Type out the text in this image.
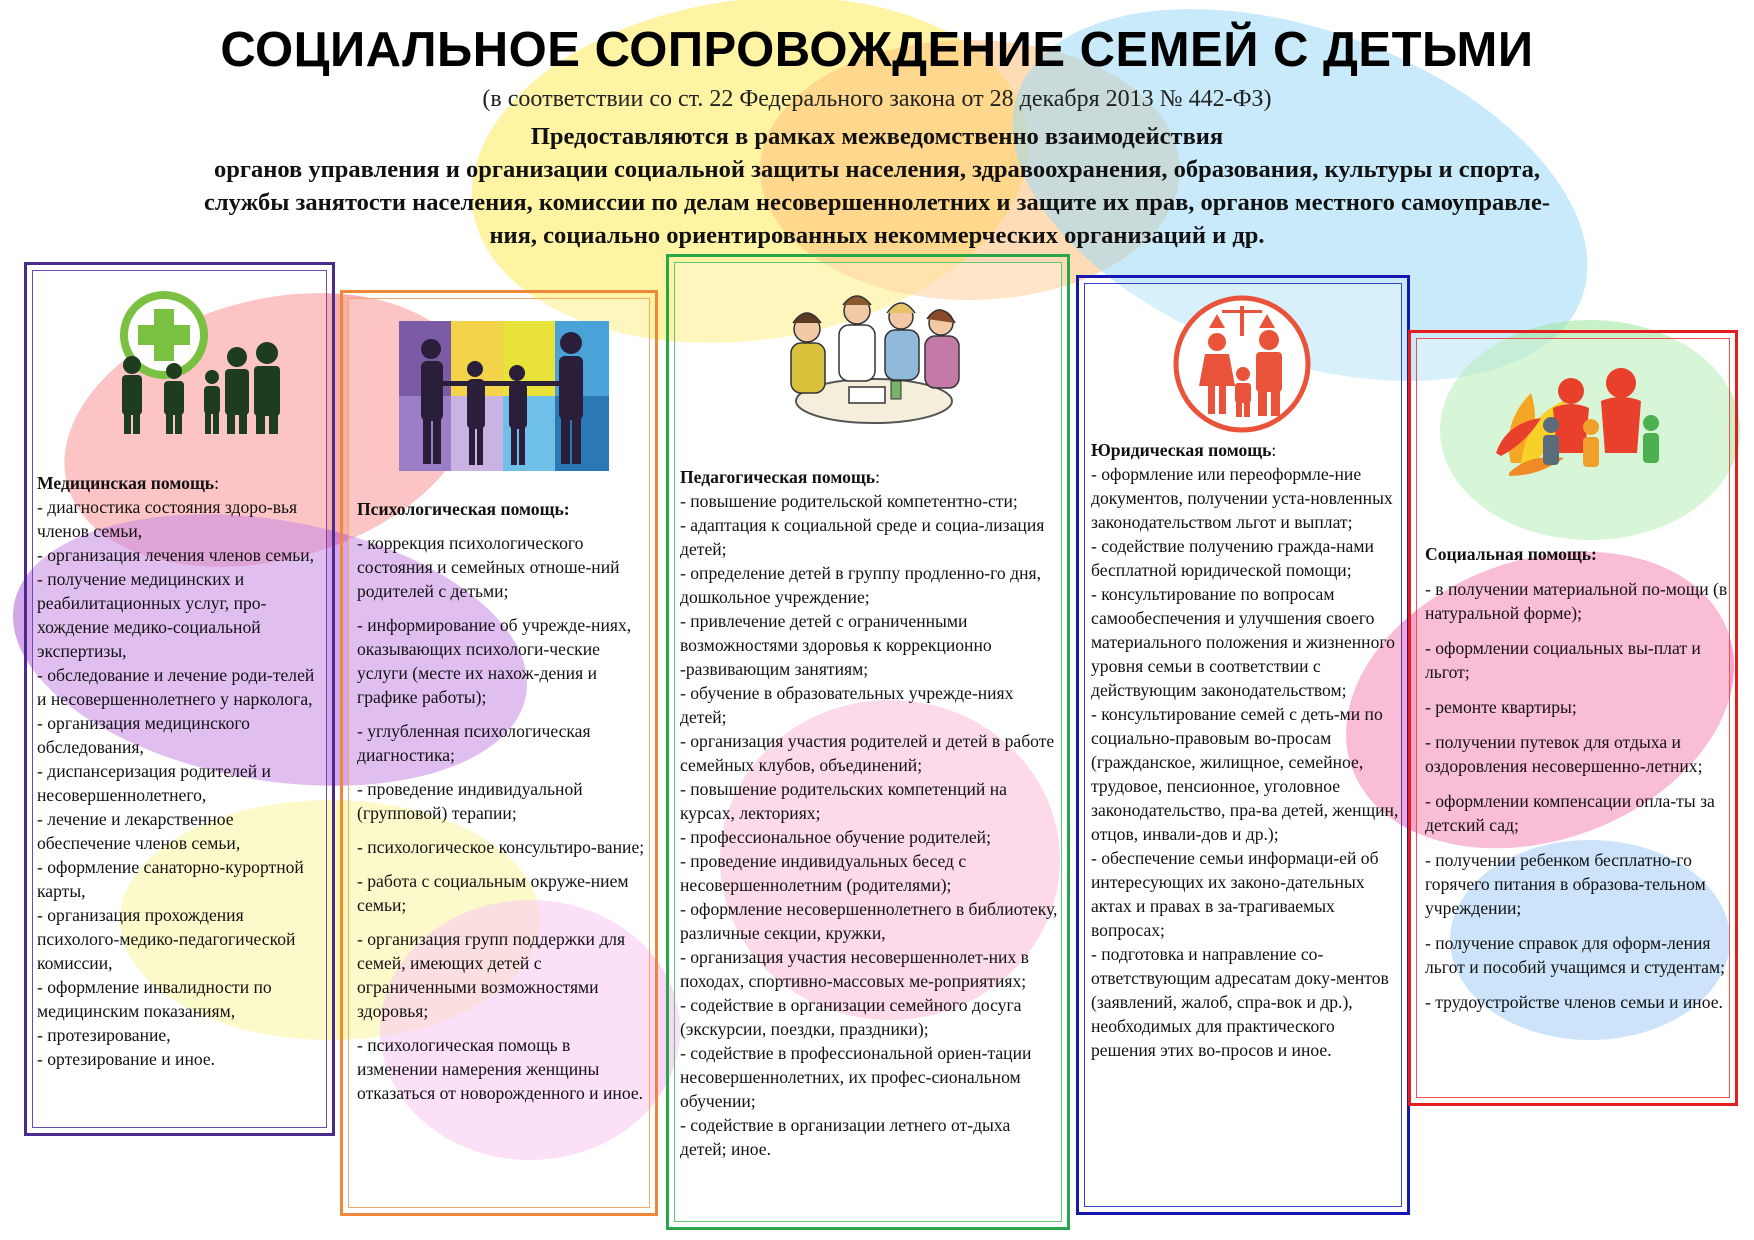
СОЦИАЛЬНОЕ СОПРОВОЖДЕНИЕ СЕМЕЙ С ДЕТЬМИ
(в соответствии со ст. 22 Федерального закона от 28 декабря 2013 № 442-ФЗ)
Предоставляются в рамках межведомственно взаимодействия
органов управления и организации социальной защиты населения, здравоохранения, образования, культуры и спорта,
службы занятости населения, комиссии по делам несовершеннолетних и защите их прав, органов местного самоуправле-
ния, социально ориентированных некоммерческих организаций и др.
Медицинская помощь:
- диагностика состояния здоро-вья членов семьи,
- организация лечения членов семьи,
- получение медицинских и реабилитационных услуг, про-хождение медико-социальной экспертизы,
- обследование и лечение роди-телей и несовершеннолетнего у нарколога,
- организация медицинского обследования,
- диспансеризация родителей и несовершеннолетнего,
- лечение и лекарственное обеспечение членов семьи,
- оформление санаторно-курортной карты,
- организация прохождения психолого-медико-педагогической комиссии,
- оформление инвалидности по медицинским показаниям,
- протезирование,
- ортезирование и иное.
Психологическая помощь:
- коррекция психологического состояния и семейных отноше-ний родителей с детьми;
- информирование об учрежде-ниях, оказывающих психологи-ческие услуги (месте их нахож-дения и графике работы);
- углубленная психологическая диагностика;
- проведение индивидуальной (групповой) терапии;
- психологическое консультиро-вание;
- работа с социальным окруже-нием семьи;
- организация групп поддержки для семей, имеющих детей с ограниченными возможностями здоровья;
- психологическая помощь в изменении намерения женщины отказаться от новорожденного и иное.
Педагогическая помощь:
- повышение родительской компетентно-сти;
- адаптация к социальной среде и социа-лизация детей;
- определение детей в группу продленно-го дня, дошкольное учреждение;
- привлечение детей с ограниченными возможностями здоровья к коррекционно -развивающим занятиям;
- обучение в образовательных учрежде-ниях детей;
- организация участия родителей и детей в работе семейных клубов, объединений;
- повышение родительских компетенций на курсах, лекториях;
- профессиональное обучение родителей;
- проведение индивидуальных бесед с несовершеннолетним (родителями);
- оформление несовершеннолетнего в библиотеку, различные секции, кружки,
- организация участия несовершеннолет-них в походах, спортивно-массовых ме-роприятиях;
- содействие в организации семейного досуга (экскурсии, поездки, праздники);
- содействие в профессиональной ориен-тации несовершеннолетних, их профес-сиональном обучении;
- содействие в организации летнего от-дыха детей; иное.
Юридическая помощь:
- оформление или переоформле-ние документов, получении уста-новленных законодательством льгот и выплат;
- содействие получению гражда-нами бесплатной юридической помощи;
- консультирование по вопросам самообеспечения и улучшения своего материального положения и жизненного уровня семьи в соответствии с действующим законодательством;
- консультирование семей с деть-ми по социально-правовым во-просам (гражданское, жилищное, семейное, трудовое, пенсионное, уголовное законодательство, пра-ва детей, женщин, отцов, инвали-дов и др.);
- обеспечение семьи информаци-ей об интересующих их законо-дательных актах и правах в за-трагиваемых вопросах;
- подготовка и направление со-ответствующим адресатам доку-ментов (заявлений, жалоб, спра-вок и др.), необходимых для практического решения этих во-просов и иное.
Социальная помощь:
- в получении материальной по-мощи (в натуральной форме);
- оформлении социальных вы-плат и льгот;
- ремонте квартиры;
- получении путевок для отдыха и оздоровления несовершенно-летних;
- оформлении компенсации опла-ты за детский сад;
- получении ребенком бесплатно-го горячего питания в образова-тельном учреждении;
- получение справок для оформ-ления льгот и пособий учащимся и студентам;
- трудоустройстве членов семьи и иное.
